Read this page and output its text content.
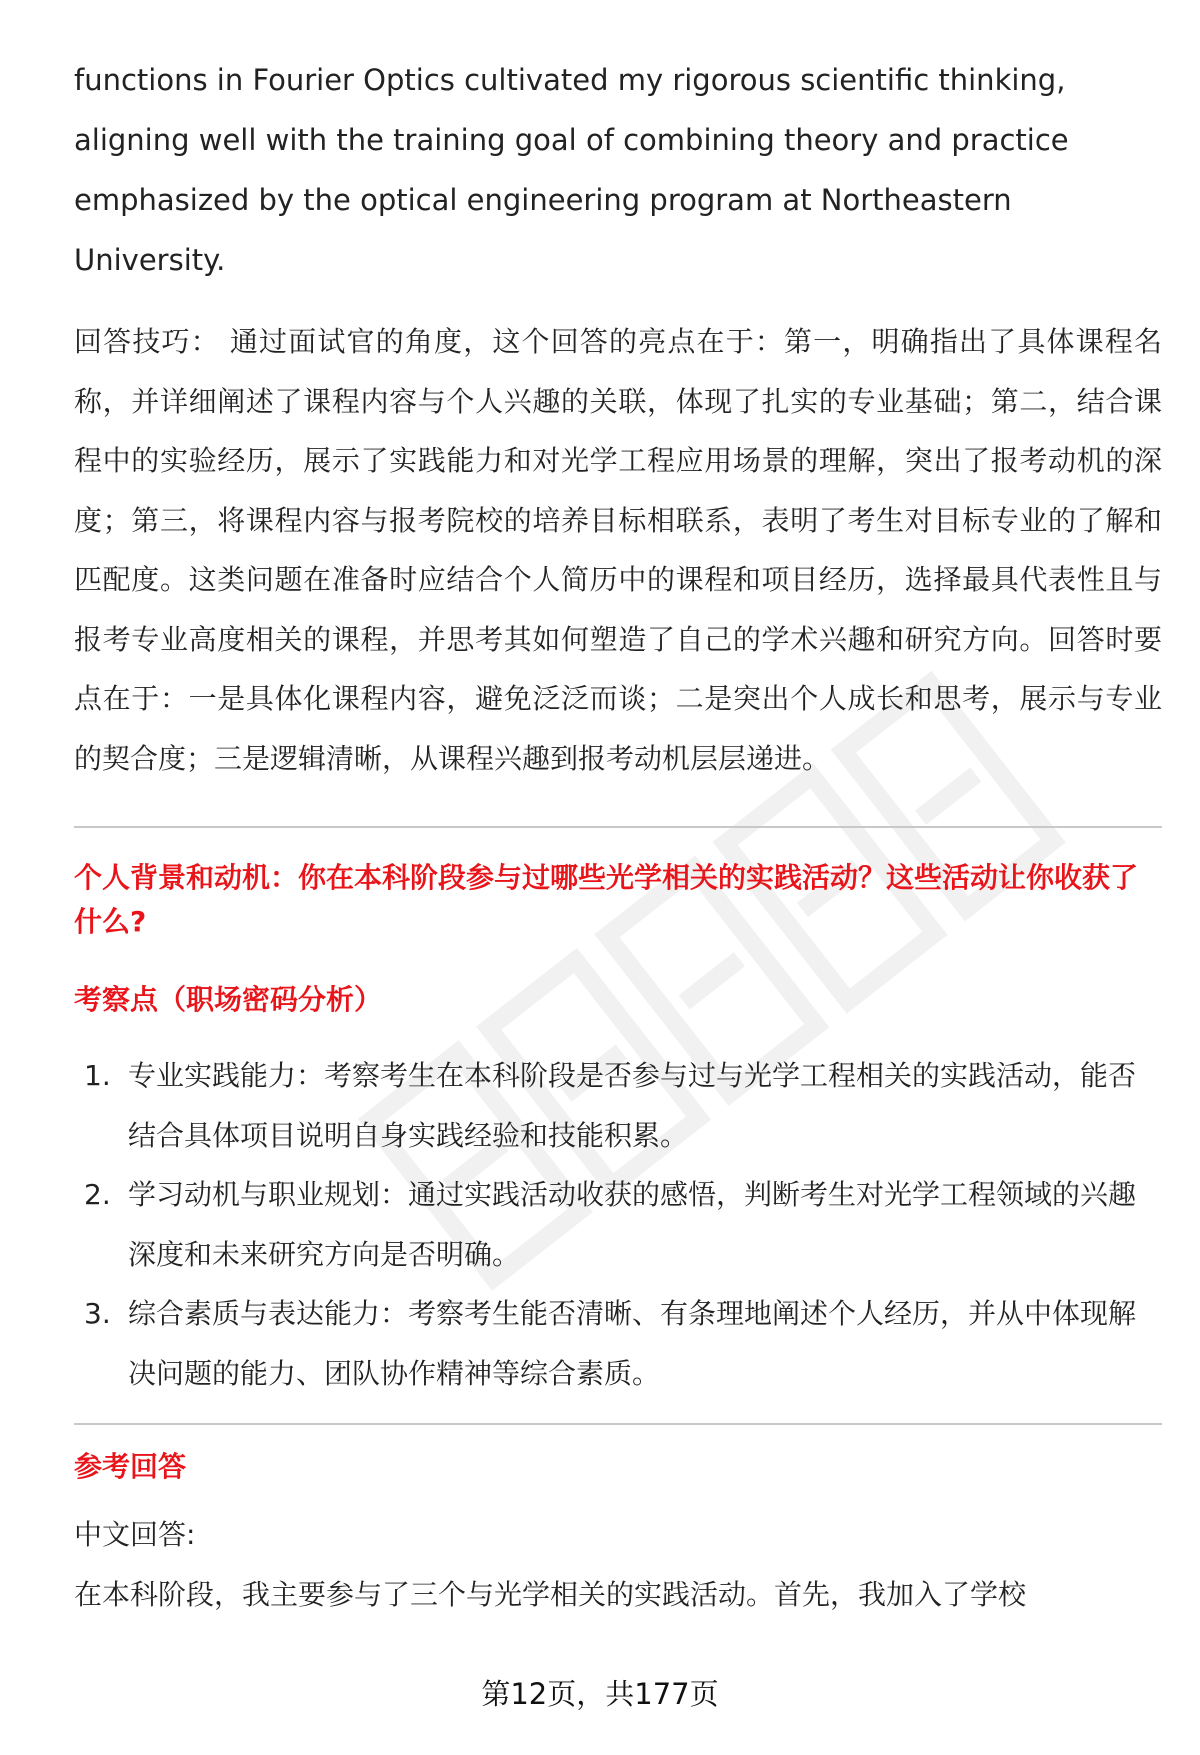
functions in Fourier Optics cultivated my rigorous scientific thinking, aligning well with the training goal of combining theory and practice emphasized by the optical engineering program at Northeastern University.

回答技巧： 通过面试官的角度，这个回答的亮点在于：第一，明确指出了具体课程名称，并详细阐述了课程内容与个人兴趣的关联，体现了扎实的专业基础；第二，结合课程中的实验经历，展示了实践能力和对光学工程应用场景的理解，突出了报考动机的深度；第三，将课程内容与报考院校的培养目标相联系，表明了考生对目标专业的了解和匹配度。这类问题在准备时应结合个人简历中的课程和项目经历，选择最具代表性且与报考专业高度相关的课程，并思考其如何塑造了自己的学术兴趣和研究方向。回答时要点在于：一是具体化课程内容，避免泛泛而谈；二是突出个人成长和思考，展示与专业的契合度；三是逻辑清晰，从课程兴趣到报考动机层层递进。

个人背景和动机：你在本科阶段参与过哪些光学相关的实践活动？这些活动让你收获了什么?

考察点（职场密码分析）

1. 专业实践能力：考察考生在本科阶段是否参与过与光学工程相关的实践活动，能否结合具体项目说明自身实践经验和技能积累。
2. 学习动机与职业规划：通过实践活动收获的感悟，判断考生对光学工程领域的兴趣深度和未来研究方向是否明确。
3. 综合素质与表达能力：考察考生能否清晰、有条理地阐述个人经历，并从中体现解决问题的能力、团队协作精神等综合素质。

参考回答

中文回答:

在本科阶段，我主要参与了三个与光学相关的实践活动。首先，我加入了学校

第12页，共177页
